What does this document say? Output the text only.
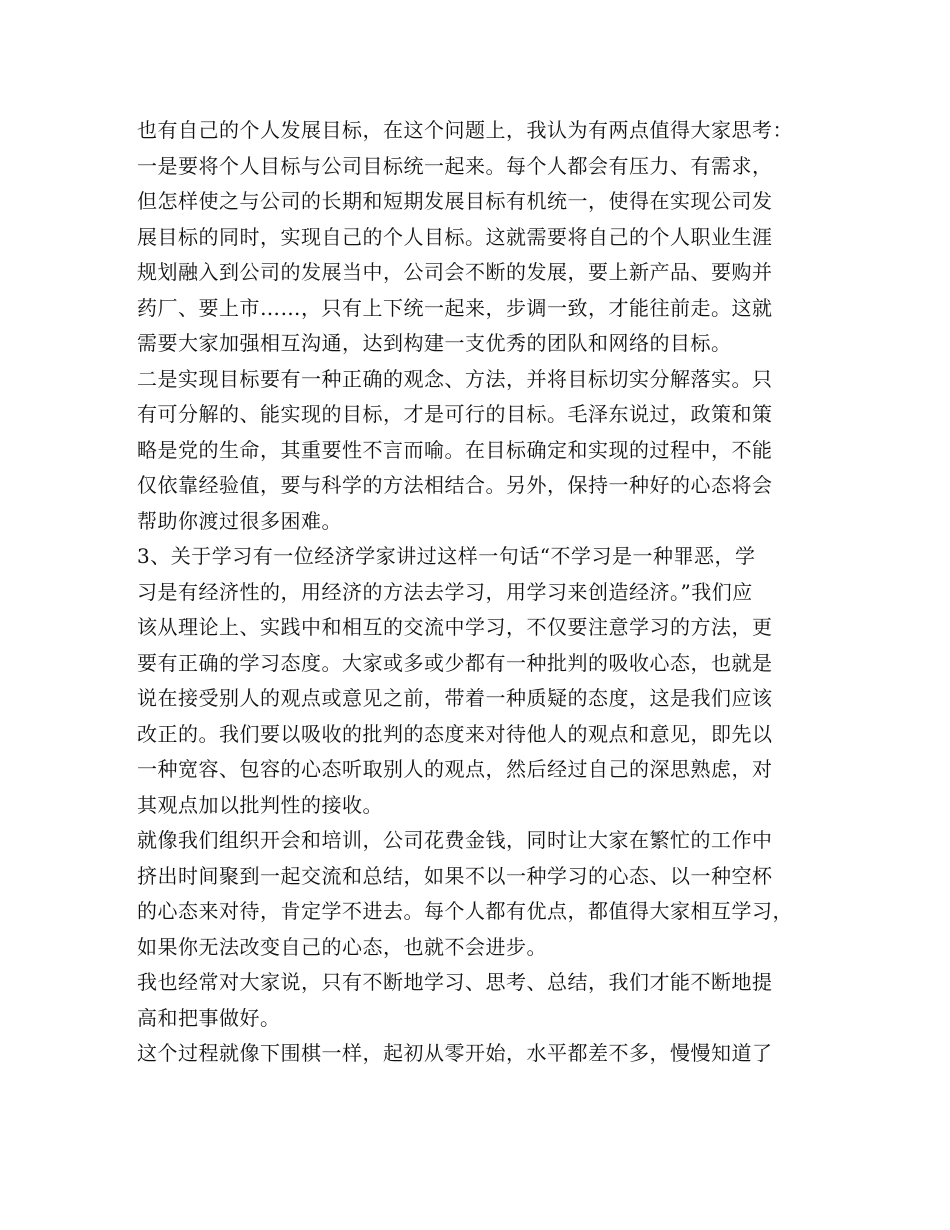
也有自己的个人发展目标，在这个问题上，我认为有两点值得大家思考：

一是要将个人目标与公司目标统一起来。每个人都会有压力、有需求，

但怎样使之与公司的长期和短期发展目标有机统一，使得在实现公司发

展目标的同时，实现自己的个人目标。这就需要将自己的个人职业生涯

规划融入到公司的发展当中，公司会不断的发展，要上新产品、要购并

药厂、要上市……，只有上下统一起来，步调一致，才能往前走。这就

需要大家加强相互沟通，达到构建一支优秀的团队和网络的目标。

二是实现目标要有一种正确的观念、方法，并将目标切实分解落实。只

有可分解的、能实现的目标，才是可行的目标。毛泽东说过，政策和策

略是党的生命，其重要性不言而喻。在目标确定和实现的过程中，不能

仅依靠经验值，要与科学的方法相结合。另外，保持一种好的心态将会

帮助你渡过很多困难。

3、关于学习有一位经济学家讲过这样一句话“不学习是一种罪恶，学

习是有经济性的，用经济的方法去学习，用学习来创造经济。”我们应

该从理论上、实践中和相互的交流中学习，不仅要注意学习的方法，更

要有正确的学习态度。大家或多或少都有一种批判的吸收心态，也就是

说在接受别人的观点或意见之前，带着一种质疑的态度，这是我们应该

改正的。我们要以吸收的批判的态度来对待他人的观点和意见，即先以

一种宽容、包容的心态听取别人的观点，然后经过自己的深思熟虑，对

其观点加以批判性的接收。

就像我们组织开会和培训，公司花费金钱，同时让大家在繁忙的工作中

挤出时间聚到一起交流和总结，如果不以一种学习的心态、以一种空杯

的心态来对待，肯定学不进去。每个人都有优点，都值得大家相互学习，

如果你无法改变自己的心态，也就不会进步。

我也经常对大家说，只有不断地学习、思考、总结，我们才能不断地提

高和把事做好。

这个过程就像下围棋一样，起初从零开始，水平都差不多，慢慢知道了
